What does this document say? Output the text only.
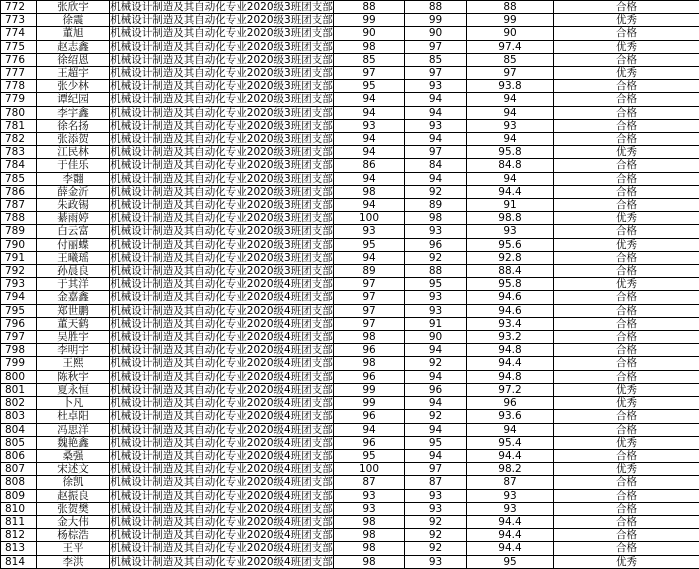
772	张欣宇	机械设计制造及其自动化专业2020级3班团支部	88	88	88	合格
773	徐震	机械设计制造及其自动化专业2020级3班团支部	99	99	99	优秀
774	董旭	机械设计制造及其自动化专业2020级3班团支部	90	90	90	合格
775	赵志鑫	机械设计制造及其自动化专业2020级3班团支部	98	97	97.4	优秀
776	徐绍恩	机械设计制造及其自动化专业2020级3班团支部	85	85	85	合格
777	王超宇	机械设计制造及其自动化专业2020级3班团支部	97	97	97	优秀
778	张少林	机械设计制造及其自动化专业2020级3班团支部	95	93	93.8	合格
779	谭纪园	机械设计制造及其自动化专业2020级3班团支部	94	94	94	合格
780	李宇鑫	机械设计制造及其自动化专业2020级3班团支部	94	94	94	合格
781	徐名扬	机械设计制造及其自动化专业2020级3班团支部	93	93	93	合格
782	张添贺	机械设计制造及其自动化专业2020级3班团支部	94	94	94	合格
783	江民林	机械设计制造及其自动化专业2020级3班团支部	94	97	95.8	优秀
784	于佳乐	机械设计制造及其自动化专业2020级3班团支部	86	84	84.8	合格
785	李翾	机械设计制造及其自动化专业2020级3班团支部	94	94	94	合格
786	薛金沂	机械设计制造及其自动化专业2020级3班团支部	98	92	94.4	合格
787	朱政锡	机械设计制造及其自动化专业2020级3班团支部	94	89	91	合格
788	綦雨婷	机械设计制造及其自动化专业2020级3班团支部	100	98	98.8	优秀
789	白云富	机械设计制造及其自动化专业2020级3班团支部	93	93	93	合格
790	付丽蝶	机械设计制造及其自动化专业2020级3班团支部	95	96	95.6	优秀
791	王曦瑶	机械设计制造及其自动化专业2020级3班团支部	94	92	92.8	合格
792	孙晨良	机械设计制造及其自动化专业2020级3班团支部	89	88	88.4	合格
793	于其洋	机械设计制造及其自动化专业2020级4班团支部	97	95	95.8	优秀
794	金嘉鑫	机械设计制造及其自动化专业2020级4班团支部	97	93	94.6	合格
795	郑世鹏	机械设计制造及其自动化专业2020级4班团支部	97	93	94.6	合格
796	董天鹤	机械设计制造及其自动化专业2020级4班团支部	97	91	93.4	合格
797	吴胜宇	机械设计制造及其自动化专业2020级4班团支部	98	90	93.2	合格
798	李明宇	机械设计制造及其自动化专业2020级4班团支部	96	94	94.8	合格
799	王熙	机械设计制造及其自动化专业2020级4班团支部	98	92	94.4	合格
800	陈秋宇	机械设计制造及其自动化专业2020级4班团支部	96	94	94.8	合格
801	夏永恒	机械设计制造及其自动化专业2020级4班团支部	99	96	97.2	优秀
802	卜凡	机械设计制造及其自动化专业2020级4班团支部	99	94	96	优秀
803	杜卓阳	机械设计制造及其自动化专业2020级4班团支部	96	92	93.6	合格
804	冯思洋	机械设计制造及其自动化专业2020级4班团支部	94	94	94	合格
805	魏艳鑫	机械设计制造及其自动化专业2020级4班团支部	96	95	95.4	优秀
806	桑强	机械设计制造及其自动化专业2020级4班团支部	95	94	94.4	合格
807	宋述文	机械设计制造及其自动化专业2020级4班团支部	100	97	98.2	优秀
808	徐凯	机械设计制造及其自动化专业2020级4班团支部	87	87	87	合格
809	赵振良	机械设计制造及其自动化专业2020级4班团支部	93	93	93	合格
810	张贺樊	机械设计制造及其自动化专业2020级4班团支部	93	93	93	合格
811	金大伟	机械设计制造及其自动化专业2020级4班团支部	98	92	94.4	合格
812	杨棕浩	机械设计制造及其自动化专业2020级4班团支部	98	92	94.4	合格
813	王平	机械设计制造及其自动化专业2020级4班团支部	98	92	94.4	合格
814	李洪	机械设计制造及其自动化专业2020级4班团支部	98	93	95	优秀
